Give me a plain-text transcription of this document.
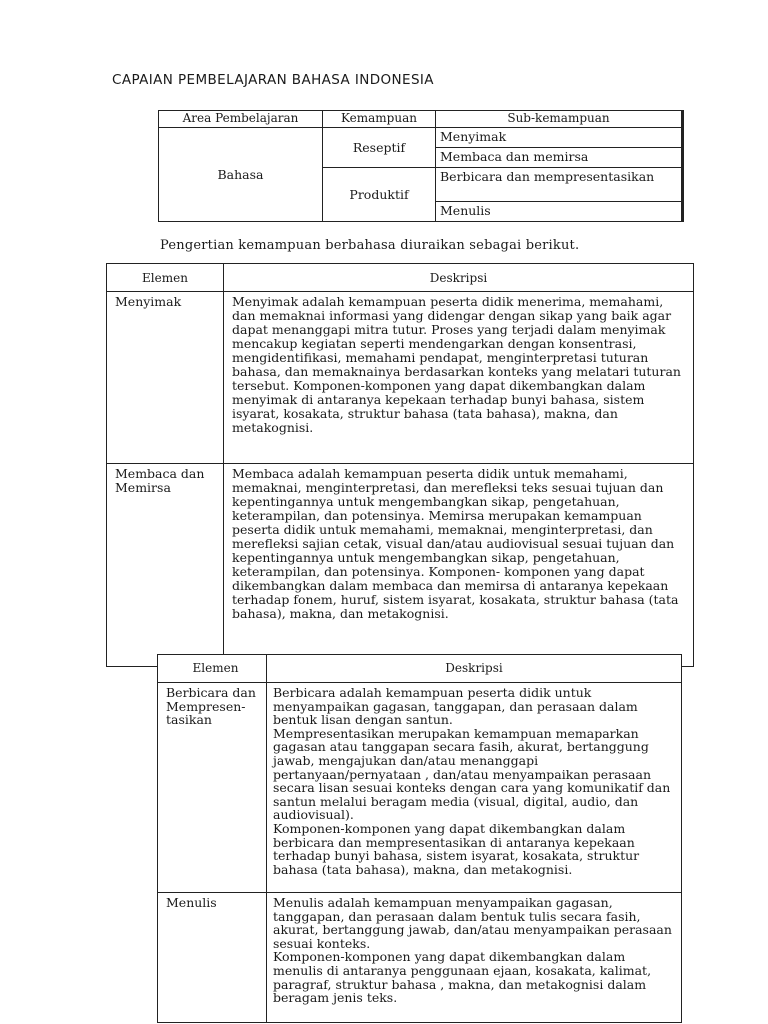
CAPAIAN PEMBELAJARAN BAHASA INDONESIA
Area Pembelajaran	Kemampuan	Sub-kemampuan
Bahasa	Reseptif	Menyimak
		Membaca dan memirsa
	Produktif	Berbicara dan mempresentasikan
		Menulis
Pengertian kemampuan berbahasa diuraikan sebagai berikut.
Elemen	Deskripsi
Menyimak	Menyimak adalah kemampuan peserta didik menerima, memahami, dan memaknai informasi yang didengar dengan sikap yang baik agar dapat menanggapi mitra tutur. Proses yang terjadi dalam menyimak mencakup kegiatan seperti mendengarkan dengan konsentrasi, mengidentifikasi, memahami pendapat, menginterpretasi tuturan bahasa, dan memaknainya berdasarkan konteks yang melatari tuturan tersebut. Komponen-komponen yang dapat dikembangkan dalam menyimak di antaranya kepekaan terhadap bunyi bahasa, sistem isyarat, kosakata, struktur bahasa (tata bahasa), makna, dan metakognisi.
Membaca dan Memirsa	Membaca adalah kemampuan peserta didik untuk memahami, memaknai, menginterpretasi, dan merefleksi teks sesuai tujuan dan kepentingannya untuk mengembangkan sikap, pengetahuan, keterampilan, dan potensinya. Memirsa merupakan kemampuan peserta didik untuk memahami, memaknai, menginterpretasi, dan merefleksi sajian cetak, visual dan/atau audiovisual sesuai tujuan dan kepentingannya untuk mengembangkan sikap, pengetahuan, keterampilan, dan potensinya. Komponen- komponen yang dapat dikembangkan dalam membaca dan memirsa di antaranya kepekaan terhadap fonem, huruf, sistem isyarat, kosakata, struktur bahasa (tata bahasa), makna, dan metakognisi.
Elemen	Deskripsi
Berbicara dan Mempresen-tasikan	Berbicara adalah kemampuan peserta didik untuk menyampaikan gagasan, tanggapan, dan perasaan dalam bentuk lisan dengan santun.

Mempresentasikan merupakan kemampuan memaparkan gagasan atau tanggapan secara fasih, akurat, bertanggung jawab, mengajukan dan/atau menanggapi pertanyaan/pernyataan , dan/atau menyampaikan perasaan secara lisan sesuai konteks dengan cara yang komunikatif dan santun melalui beragam media (visual, digital, audio, dan audiovisual).

Komponen-komponen yang dapat dikembangkan dalam berbicara dan mempresentasikan di antaranya kepekaan terhadap bunyi bahasa, sistem isyarat, kosakata, struktur bahasa (tata bahasa), makna, dan metakognisi.

Menulis	Menulis adalah kemampuan menyampaikan gagasan, tanggapan, dan perasaan dalam bentuk tulis secara fasih, akurat, bertanggung jawab, dan/atau menyampaikan perasaan sesuai konteks.

Komponen-komponen yang dapat dikembangkan dalam menulis di antaranya penggunaan ejaan, kosakata, kalimat, paragraf, struktur bahasa , makna, dan metakognisi dalam beragam jenis teks.
